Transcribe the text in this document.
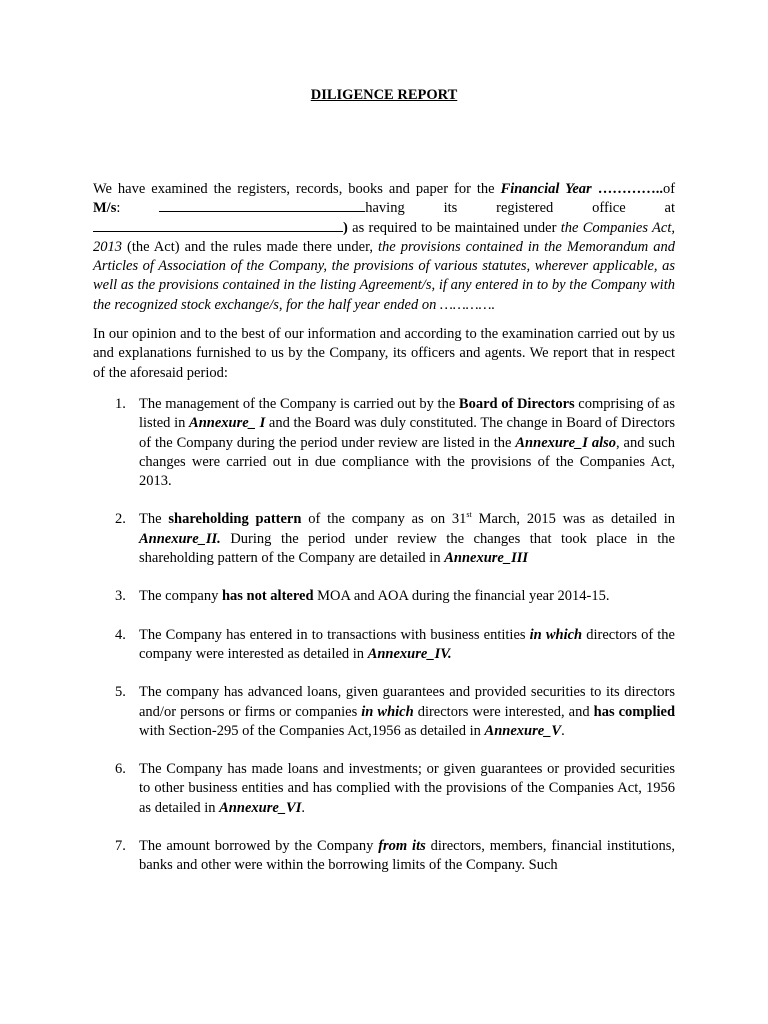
DILIGENCE REPORT

We have examined the registers, records, books and paper for the Financial Year …………..of M/s:	having its registered office at ) as required to be maintained under the Companies Act, 2013 (the Act) and the rules made there under, the provisions contained in the Memorandum and Articles of Association of the Company, the provisions of various statutes, wherever applicable, as well as the provisions contained in the listing Agreement/s, if any entered in to by the Company with the recognized stock exchange/s, for the half year ended on ………….

In our opinion and to the best of our information and according to the examination carried out by us and explanations furnished to us by the Company, its officers and agents. We report that in respect of the aforesaid period:

1. The management of the Company is carried out by the Board of Directors comprising of as listed in Annexure_ I and the Board was duly constituted. The change in Board of Directors of the Company during the period under review are listed in the Annexure_I also, and such changes were carried out in due compliance with the provisions of the Companies Act, 2013.
2. The shareholding pattern of the company as on 31st March, 2015 was as detailed in Annexure_II. During the period under review the changes that took place in the shareholding pattern of the Company are detailed in Annexure_III
3. The company has not altered MOA and AOA during the financial year 2014-15.
4. The Company has entered in to transactions with business entities in which directors of the company were interested as detailed in Annexure_IV.
5. The company has advanced loans, given guarantees and provided securities to its directors and/or persons or firms or companies in which directors were interested, and has complied with Section-295 of the Companies Act,1956 as detailed in Annexure_V.
6. The Company has made loans and investments; or given guarantees or provided securities to other business entities and has complied with the provisions of the Companies Act, 1956 as detailed in Annexure_VI.
7. The amount borrowed by the Company from its directors, members, financial institutions, banks and other were within the borrowing limits of the Company. Such
